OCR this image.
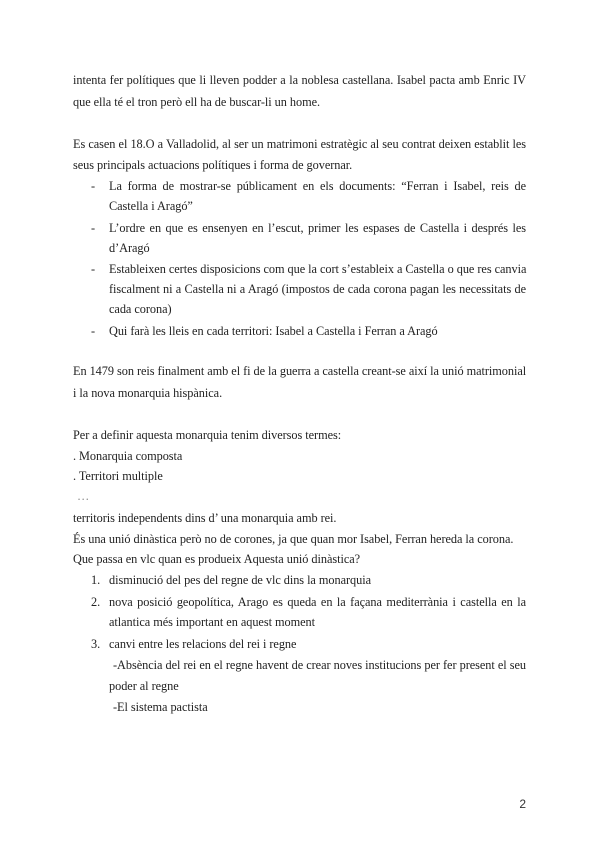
intenta fer polítiques que li lleven podder a la noblesa castellana. Isabel pacta amb Enric IV
que ella té el tron però ell ha de buscar-li un home.
Es casen el 18.O a Valladolid, al ser un matrimoni estratègic al seu contrat deixen establit les
seus principals actuacions polítiques i forma de governar.
- La forma de mostrar-se públicament en els documents: “Ferran i Isabel, reis de
Castella i Aragó”
- L’ordre en que es ensenyen en l’escut, primer les espases de Castella i després les
d’Aragó
- Estableixen certes disposicions com que la cort s’estableix a Castella o que res canvia
fiscalment ni a Castella ni a Aragó (impostos de cada corona pagan les necessitats de
cada corona)
- Qui farà les lleis en cada territori: Isabel a Castella i Ferran a Aragó
En 1479 son reis finalment amb el fi de la guerra a castella creant-se així la unió matrimonial
i la nova monarquia hispànica.
Per a definir aquesta monarquia tenim diversos termes:
. Monarquia composta
. Territori multiple
…
territoris independents dins d’ una monarquia amb rei.
És una unió dinàstica però no de corones, ja que quan mor Isabel, Ferran hereda la corona.
Que passa en vlc quan es produeix Aquesta unió dinàstica?
1. disminució del pes del regne de vlc dins la monarquia
2. nova posició geopolítica, Arago es queda en la façana mediterrània i castella en la
atlantica més important en aquest moment
3. canvi entre les relacions del rei i regne
-Absència del rei en el regne havent de crear noves institucions per fer present el seu
poder al regne
-El sistema pactista
2
